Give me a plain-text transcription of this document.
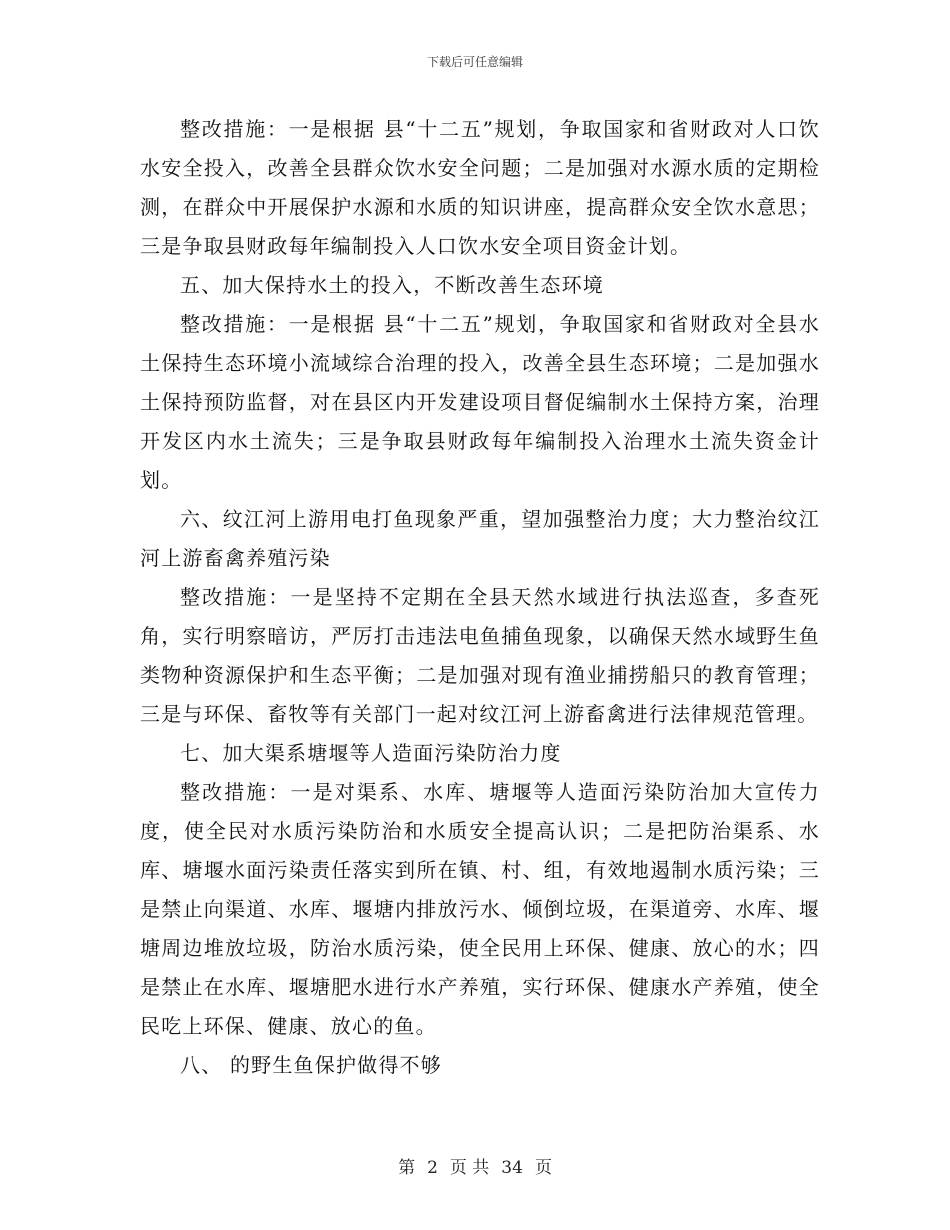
下载后可任意编辑

整改措施：一是根据 县“十二五”规划，争取国家和省财政对人口饮水安全投入，改善全县群众饮水安全问题；二是加强对水源水质的定期检测，在群众中开展保护水源和水质的知识讲座，提高群众安全饮水意思；三是争取县财政每年编制投入人口饮水安全项目资金计划。

五、加大保持水土的投入，不断改善生态环境

整改措施：一是根据 县“十二五”规划，争取国家和省财政对全县水土保持生态环境小流域综合治理的投入，改善全县生态环境；二是加强水土保持预防监督，对在县区内开发建设项目督促编制水土保持方案，治理开发区内水土流失；三是争取县财政每年编制投入治理水土流失资金计划。

六、纹江河上游用电打鱼现象严重，望加强整治力度；大力整治纹江河上游畜禽养殖污染

整改措施：一是坚持不定期在全县天然水域进行执法巡查，多查死角，实行明察暗访，严厉打击违法电鱼捕鱼现象，以确保天然水域野生鱼类物种资源保护和生态平衡；二是加强对现有渔业捕捞船只的教育管理；三是与环保、畜牧等有关部门一起对纹江河上游畜禽进行法律规范管理。

七、加大渠系塘堰等人造面污染防治力度

整改措施：一是对渠系、水库、塘堰等人造面污染防治加大宣传力度，使全民对水质污染防治和水质安全提高认识；二是把防治渠系、水库、塘堰水面污染责任落实到所在镇、村、组，有效地遏制水质污染；三是禁止向渠道、水库、堰塘内排放污水、倾倒垃圾，在渠道旁、水库、堰塘周边堆放垃圾，防治水质污染，使全民用上环保、健康、放心的水；四是禁止在水库、堰塘肥水进行水产养殖，实行环保、健康水产养殖，使全民吃上环保、健康、放心的鱼。

八、 的野生鱼保护做得不够

第 2 页 共 34 页
